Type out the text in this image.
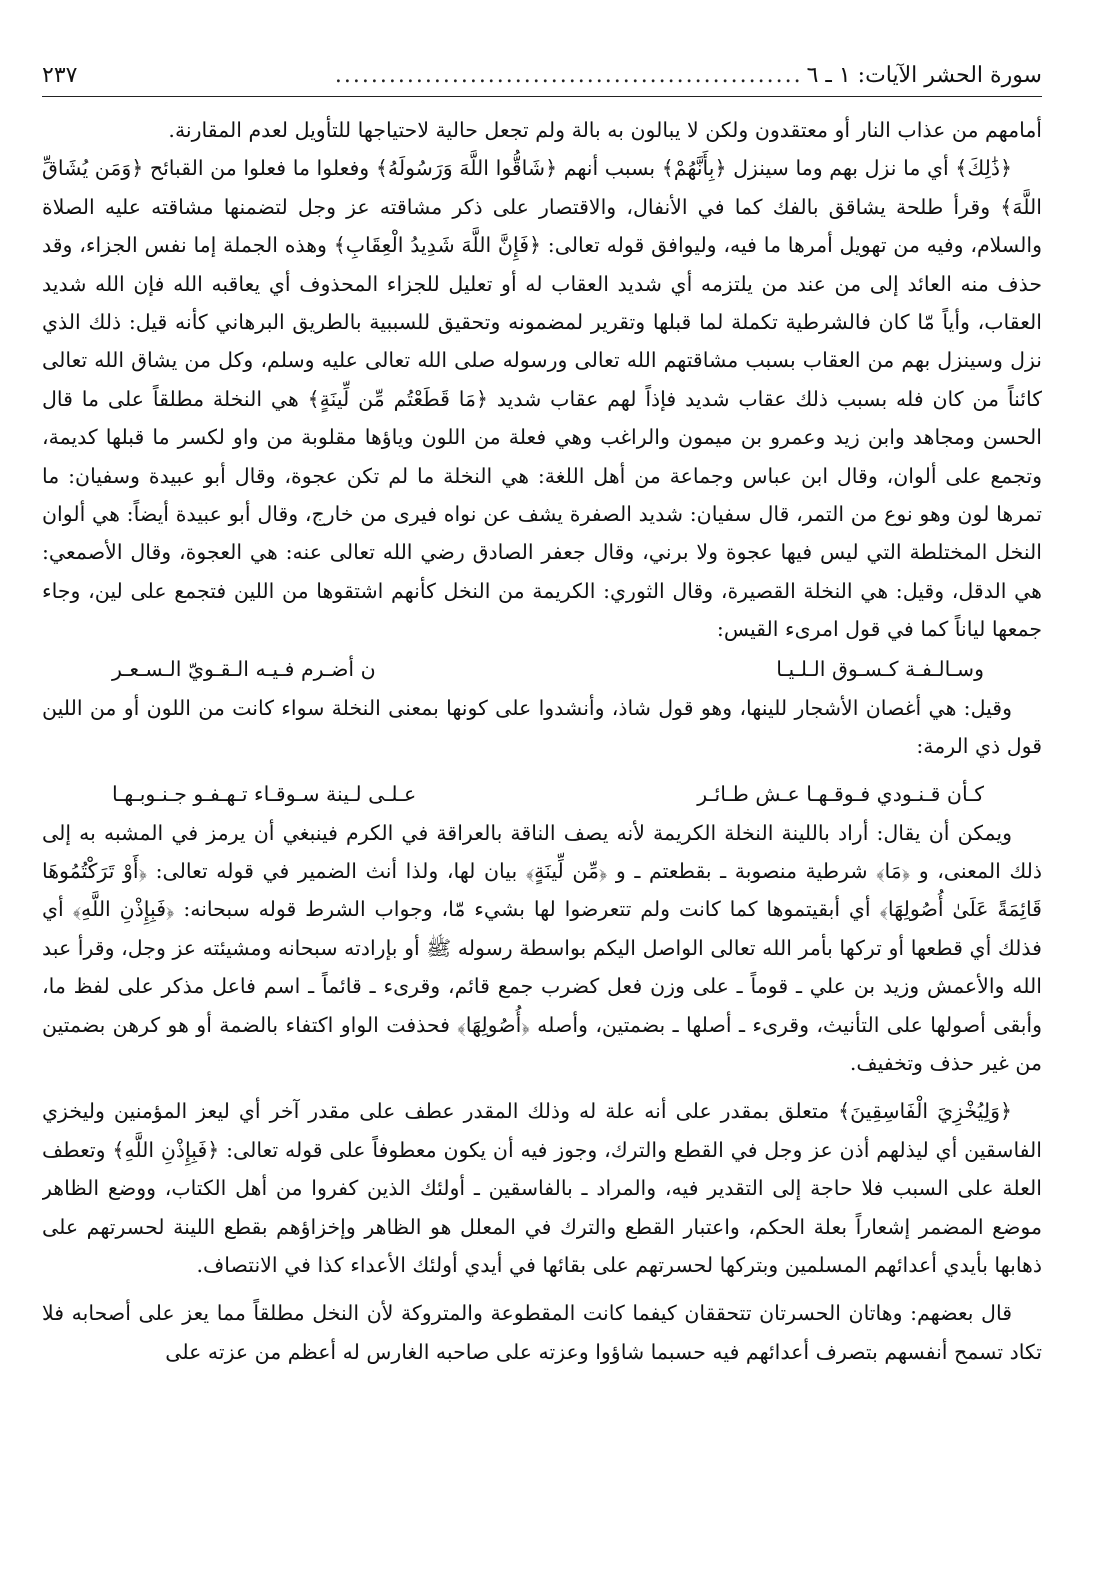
سورة الحشر الآيات: ١ ـ ٦
....................................................
٢٣٧

أمامهم من عذاب النار أو معتقدون ولكن لا يبالون به بالة ولم تجعل حالية لاحتياجها للتأويل لعدم المقارنة.

﴿ذَٰلِكَ﴾ أي ما نزل بهم وما سينزل ﴿بِأَنَّهُمْ﴾ بسبب أنهم ﴿شَاقُّوا اللَّهَ وَرَسُولَهُ﴾ وفعلوا ما فعلوا من القبائح ﴿وَمَن يُشَاقِّ اللَّهَ﴾ وقرأ طلحة يشاقق بالفك كما في الأنفال، والاقتصار على ذكر مشاقته عز وجل لتضمنها مشاقته عليه الصلاة والسلام، وفيه من تهويل أمرها ما فيه، وليوافق قوله تعالى: ﴿فَإِنَّ اللَّهَ شَدِيدُ الْعِقَابِ﴾ وهذه الجملة إما نفس الجزاء، وقد حذف منه العائد إلى من عند من يلتزمه أي شديد العقاب له أو تعليل للجزاء المحذوف أي يعاقبه الله فإن الله شديد العقاب، وأياً مّا كان فالشرطية تكملة لما قبلها وتقرير لمضمونه وتحقيق للسببية بالطريق البرهاني كأنه قيل: ذلك الذي نزل وسينزل بهم من العقاب بسبب مشاقتهم الله تعالى ورسوله صلى الله تعالى عليه وسلم، وكل من يشاق الله تعالى كائناً من كان فله بسبب ذلك عقاب شديد فإذاً لهم عقاب شديد ﴿مَا قَطَعْتُم مِّن لِّينَةٍ﴾ هي النخلة مطلقاً على ما قال الحسن ومجاهد وابن زيد وعمرو بن ميمون والراغب وهي فعلة من اللون وياؤها مقلوبة من واو لكسر ما قبلها كديمة، وتجمع على ألوان، وقال ابن عباس وجماعة من أهل اللغة: هي النخلة ما لم تكن عجوة، وقال أبو عبيدة وسفيان: ما تمرها لون وهو نوع من التمر، قال سفيان: شديد الصفرة يشف عن نواه فيرى من خارج، وقال أبو عبيدة أيضاً: هي ألوان النخل المختلطة التي ليس فيها عجوة ولا برني، وقال جعفر الصادق رضي الله تعالى عنه: هي العجوة، وقال الأصمعي: هي الدقل، وقيل: هي النخلة القصيرة، وقال الثوري: الكريمة من النخل كأنهم اشتقوها من اللين فتجمع على لين، وجاء جمعها لياناً كما في قول امرىء القيس:

وسـالـفـة كـسـوق الـلـيـا
ن أضـرم فـيـه الـقـويّ الـسـعـر

وقيل: هي أغصان الأشجار للينها، وهو قول شاذ، وأنشدوا على كونها بمعنى النخلة سواء كانت من اللون أو من اللين قول ذي الرمة:

كـأن قـنـودي فـوقـهـا عـش طـائـر
عـلـى لـينة سـوقـاء تـهـفـو جـنـوبـهـا

ويمكن أن يقال: أراد باللينة النخلة الكريمة لأنه يصف الناقة بالعراقة في الكرم فينبغي أن يرمز في المشبه به إلى ذلك المعنى، و ﴿مَا﴾ شرطية منصوبة ـ بقطعتم ـ و ﴿مِّن لِّينَةٍ﴾ بيان لها، ولذا أنث الضمير في قوله تعالى: ﴿أَوْ تَرَكْتُمُوهَا قَائِمَةً عَلَىٰ أُصُولِهَا﴾ أي أبقيتموها كما كانت ولم تتعرضوا لها بشيء مّا، وجواب الشرط قوله سبحانه: ﴿فَبِإِذْنِ اللَّهِ﴾ أي فذلك أي قطعها أو تركها بأمر الله تعالى الواصل اليكم بواسطة رسوله ﷺ أو بإرادته سبحانه ومشيئته عز وجل، وقرأ عبد الله والأعمش وزيد بن علي ـ قوماً ـ على وزن فعل كضرب جمع قائم، وقرىء ـ قائماً ـ اسم فاعل مذكر على لفظ ما، وأبقى أصولها على التأنيث، وقرىء ـ أصلها ـ بضمتين، وأصله ﴿أُصُولِهَا﴾ فحذفت الواو اكتفاء بالضمة أو هو كرهن بضمتين من غير حذف وتخفيف.

﴿وَلِيُخْزِيَ الْفَاسِقِينَ﴾ متعلق بمقدر على أنه علة له وذلك المقدر عطف على مقدر آخر أي ليعز المؤمنين وليخزي الفاسقين أي ليذلهم أذن عز وجل في القطع والترك، وجوز فيه أن يكون معطوفاً على قوله تعالى: ﴿فَبِإِذْنِ اللَّهِ﴾ وتعطف العلة على السبب فلا حاجة إلى التقدير فيه، والمراد ـ بالفاسقين ـ أولئك الذين كفروا من أهل الكتاب، ووضع الظاهر موضع المضمر إشعاراً بعلة الحكم، واعتبار القطع والترك في المعلل هو الظاهر وإخزاؤهم بقطع اللينة لحسرتهم على ذهابها بأيدي أعدائهم المسلمين وبتركها لحسرتهم على بقائها في أيدي أولئك الأعداء كذا في الانتصاف.

قال بعضهم: وهاتان الحسرتان تتحققان كيفما كانت المقطوعة والمتروكة لأن النخل مطلقاً مما يعز على أصحابه فلا تكاد تسمح أنفسهم بتصرف أعدائهم فيه حسبما شاؤوا وعزته على صاحبه الغارس له أعظم من عزته على
